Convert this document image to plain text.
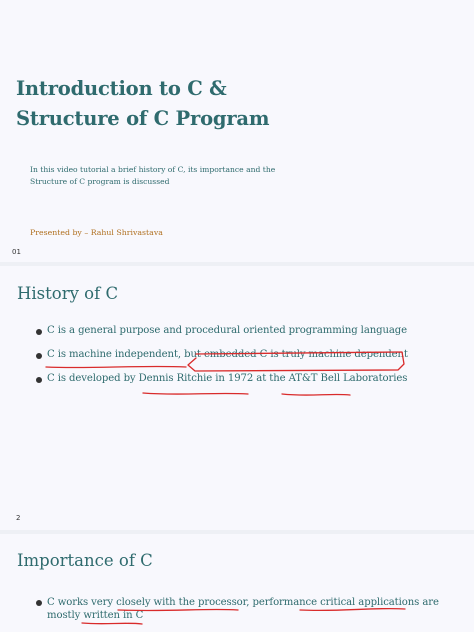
Introduction to C &
Structure of C Program
In this video tutorial a brief history of C, its importance and the
Structure of C program is discussed
Presented by – Rahul Shrivastava
01
History of C
C is a general purpose and procedural oriented programming language
C is machine independent, but embedded C is truly machine dependent
C is developed by Dennis Ritchie in 1972 at the AT&T Bell Laboratories
2
Importance of C
C works very closely with the processor, performance critical applications are
mostly written in C
